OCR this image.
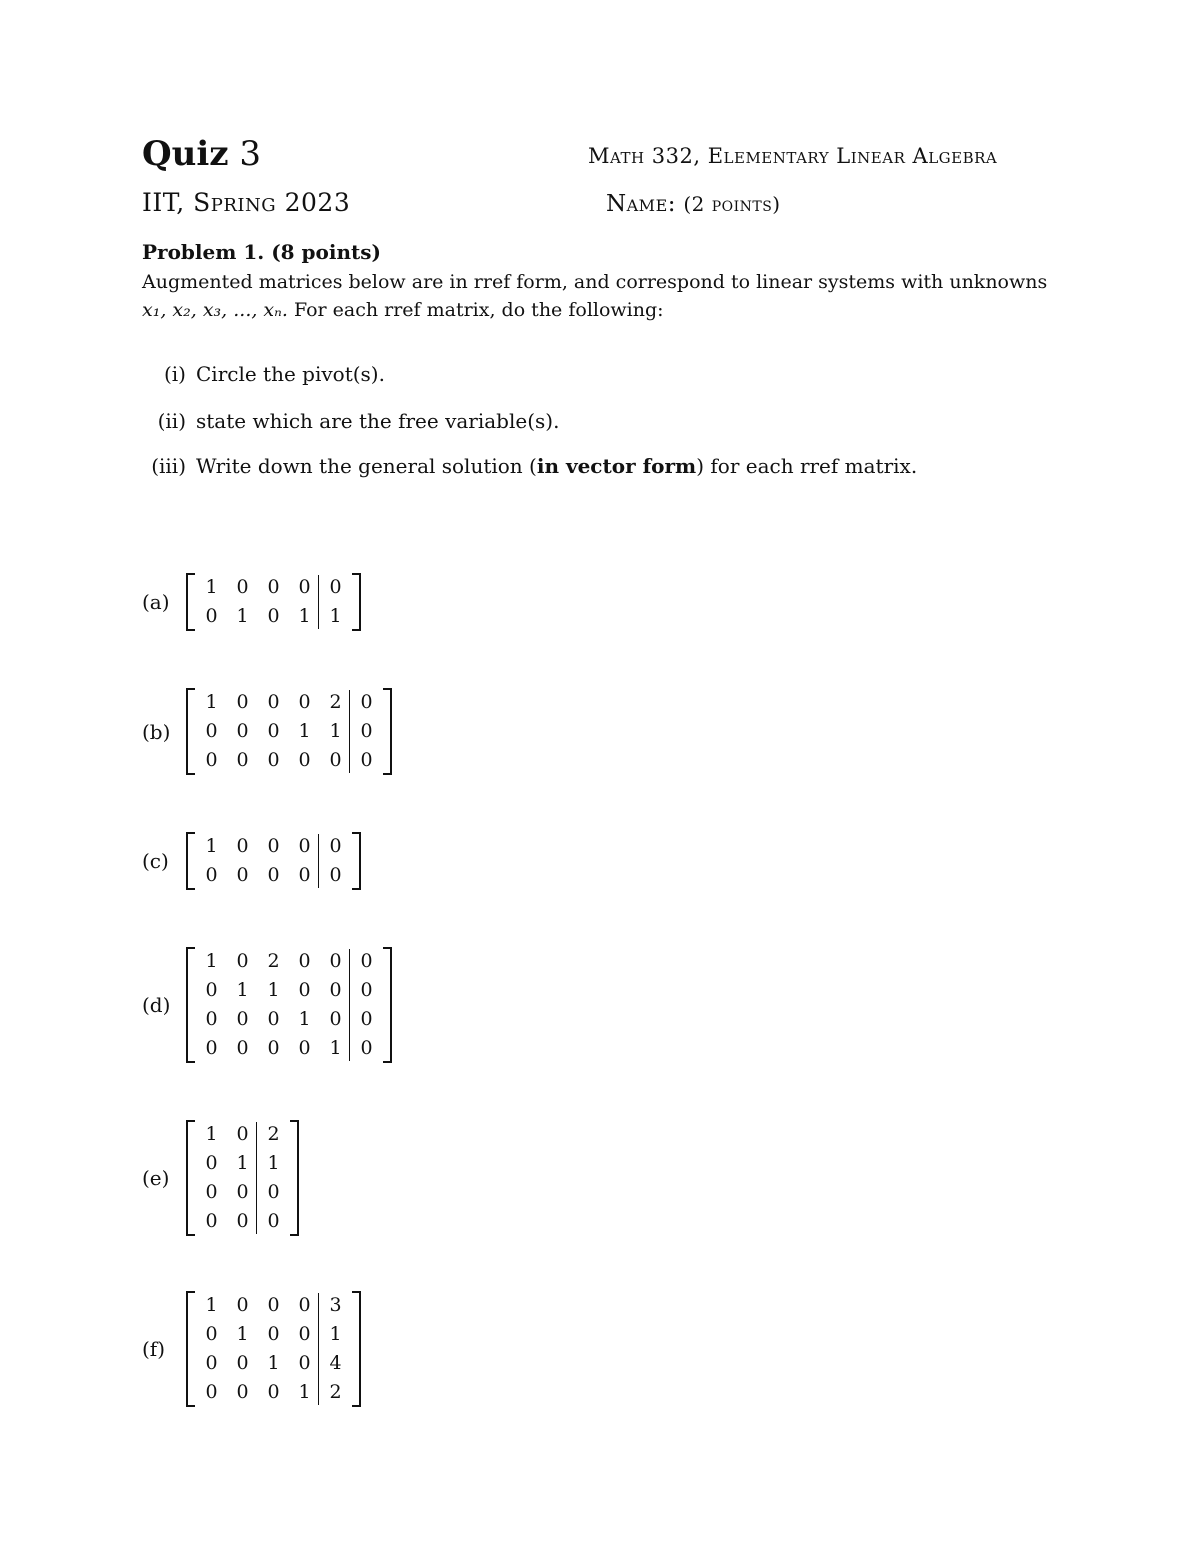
Quiz 3	Math 332, Elementary Linear Algebra
IIT, Spring 2023	Name: (2 points)
Problem 1. (8 points)
Augmented matrices below are in rref form, and correspond to linear systems with unknowns
x₁, x₂, x₃, ..., xₙ. For each rref matrix, do the following:
(i) Circle the pivot(s).
(ii) state which are the free variable(s).
(iii) Write down the general solution (in vector form) for each rref matrix.
(a)
1 0 0 0 0
0 1 0 1 1
(b)
1 0 0 0 2 0
0 0 0 1 1 0
0 0 0 0 0 0
(c)
1 0 0 0 0
0 0 0 0 0
(d)
1 0 2 0 0 0
0 1 1 0 0 0
0 0 0 1 0 0
0 0 0 0 1 0
(e)
1 0 2
0 1 1
0 0 0
0 0 0
(f)
1 0 0 0 3
0 1 0 0 1
0 0 1 0 4
0 0 0 1 2
